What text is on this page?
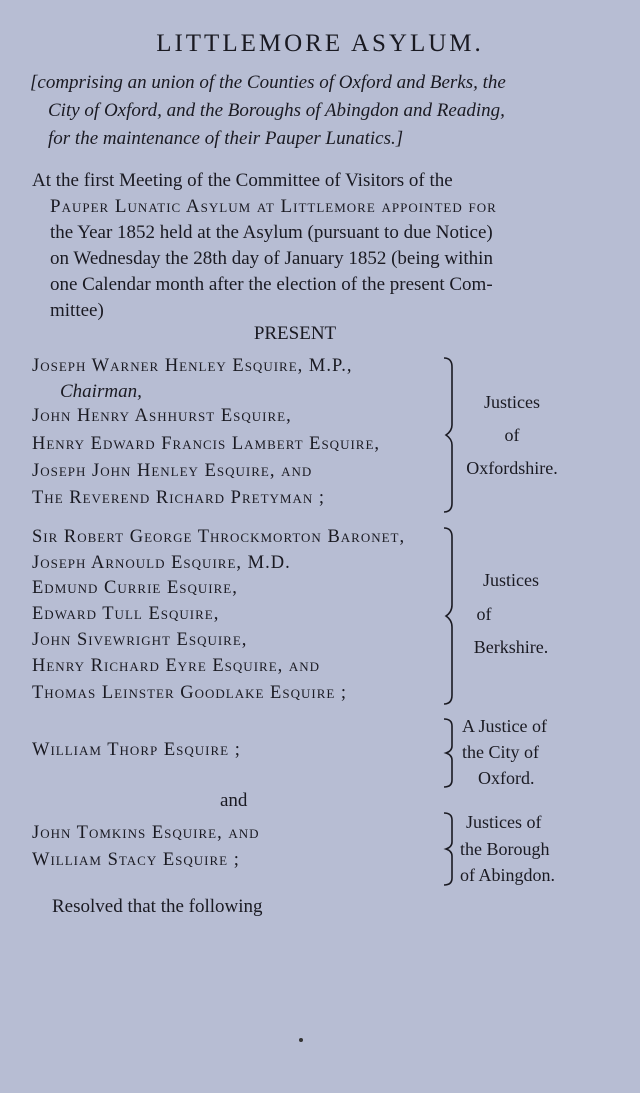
LITTLEMORE ASYLUM.
[comprising an union of the Counties of Oxford and Berks, the
City of Oxford, and the Boroughs of Abingdon and Reading,
for the maintenance of their Pauper Lunatics.]
At the first Meeting of the Committee of Visitors of the
Pauper Lunatic Asylum at Littlemore appointed for
the Year 1852 held at the Asylum (pursuant to due Notice)
on Wednesday the 28th day of January 1852 (being within
one Calendar month after the election of the present Com-
mittee)
PRESENT
Joseph Warner Henley Esquire, M.P.,
Chairman,
John Henry Ashhurst Esquire,
Henry Edward Francis Lambert Esquire,
Joseph John Henley Esquire, and
The Reverend Richard Pretyman ;
Justices
of
Oxfordshire.
Sir Robert George Throckmorton Baronet,
Joseph Arnould Esquire, M.D.
Edmund Currie Esquire,
Edward Tull Esquire,
John Sivewright Esquire,
Henry Richard Eyre Esquire, and
Thomas Leinster Goodlake Esquire ;
Justices
of
Berkshire.
William Thorp Esquire ;
A Justice of
the City of
Oxford.
and
John Tomkins Esquire, and
William Stacy Esquire ;
Justices of
the Borough
of Abingdon.
Resolved that the following
